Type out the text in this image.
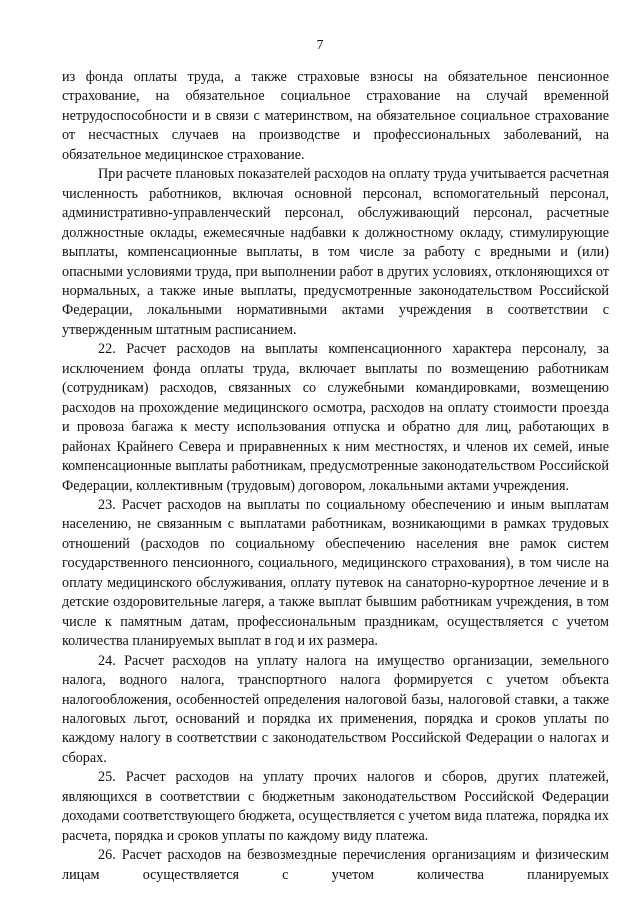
7

из фонда оплаты труда, а также страховые взносы на обязательное пенсионное страхование, на обязательное социальное страхование на случай временной нетрудоспособности и в связи с материнством, на обязательное социальное страхование от несчастных случаев на производстве и профессиональных заболеваний, на обязательное медицинское страхование.

При расчете плановых показателей расходов на оплату труда учитывается расчетная численность работников, включая основной персонал, вспомогательный персонал, административно-управленческий персонал, обслуживающий персонал, расчетные должностные оклады, ежемесячные надбавки к должностному окладу, стимулирующие выплаты, компенсационные выплаты, в том числе за работу с вредными и (или) опасными условиями труда, при выполнении работ в других условиях, отклоняющихся от нормальных, а также иные выплаты, предусмотренные законодательством Российской Федерации, локальными нормативными актами учреждения в соответствии с утвержденным штатным расписанием.

22. Расчет расходов на выплаты компенсационного характера персоналу, за исключением фонда оплаты труда, включает выплаты по возмещению работникам (сотрудникам) расходов, связанных со служебными командировками, возмещению расходов на прохождение медицинского осмотра, расходов на оплату стоимости проезда и провоза багажа к месту использования отпуска и обратно для лиц, работающих в районах Крайнего Севера и приравненных к ним местностях, и членов их семей, иные компенсационные выплаты работникам, предусмотренные законодательством Российской Федерации, коллективным (трудовым) договором, локальными актами учреждения.

23. Расчет расходов на выплаты по социальному обеспечению и иным выплатам населению, не связанным с выплатами работникам, возникающими в рамках трудовых отношений (расходов по социальному обеспечению населения вне рамок систем государственного пенсионного, социального, медицинского страхования), в том числе на оплату медицинского обслуживания, оплату путевок на санаторно-курортное лечение и в детские оздоровительные лагеря, а также выплат бывшим работникам учреждения, в том числе к памятным датам, профессиональным праздникам, осуществляется с учетом количества планируемых выплат в год и их размера.

24. Расчет расходов на уплату налога на имущество организации, земельного налога, водного налога, транспортного налога формируется с учетом объекта налогообложения, особенностей определения налоговой базы, налоговой ставки, а также налоговых льгот, оснований и порядка их применения, порядка и сроков уплаты по каждому налогу в соответствии с законодательством Российской Федерации о налогах и сборах.

25. Расчет расходов на уплату прочих налогов и сборов, других платежей, являющихся в соответствии с бюджетным законодательством Российской Федерации доходами соответствующего бюджета, осуществляется с учетом вида платежа, порядка их расчета, порядка и сроков уплаты по каждому виду платежа.

26. Расчет расходов на безвозмездные перечисления организациям и физическим лицам осуществляется с учетом количества планируемых
